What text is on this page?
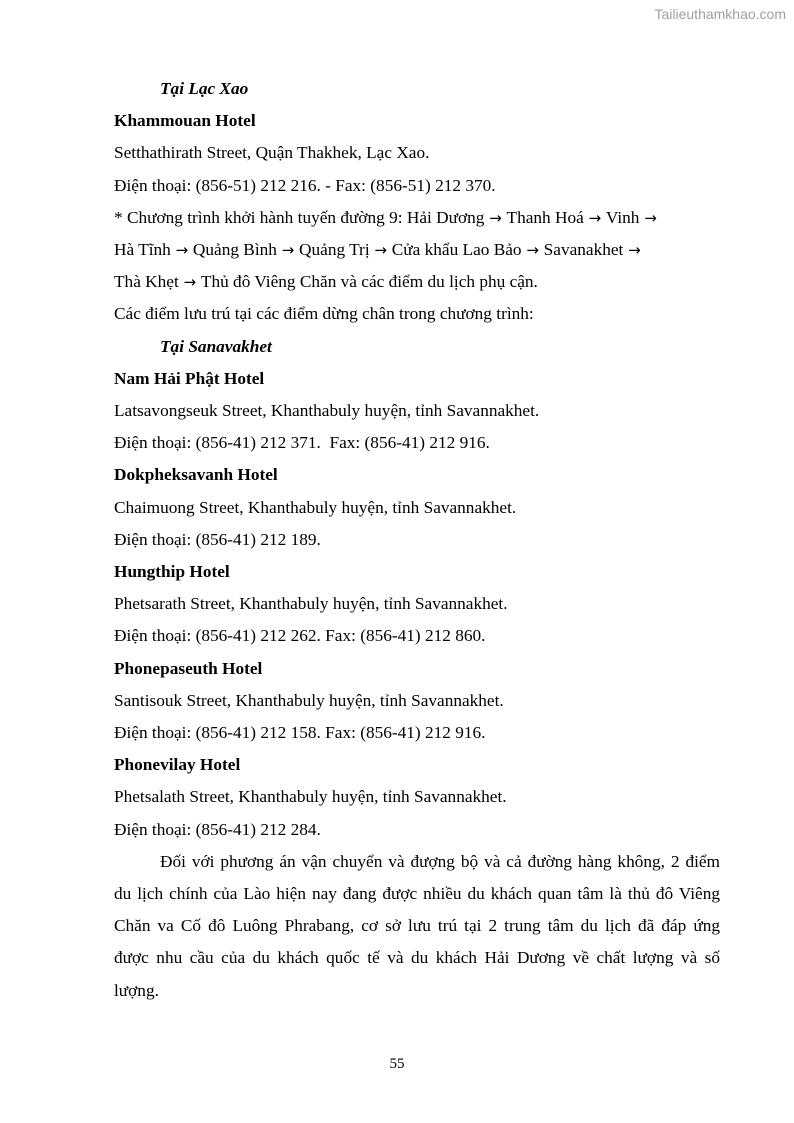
Tailieuthamkhao.com
Tại Lạc Xao
Khammouan Hotel
Setthathirath Street, Quận Thakhek, Lạc Xao.
Điện thoại: (856-51) 212 216. - Fax: (856-51) 212 370.
* Chương trình khởi hành tuyến đường 9: Hải Dương → Thanh Hoá → Vinh →
Hà Tĩnh → Quảng Bình → Quảng Trị → Cửa khẩu Lao Bảo → Savanakhet →
Thà Khẹt → Thủ đô Viêng Chăn và các điểm du lịch phụ cận.
Các điểm lưu trú tại các điểm dừng chân trong chương trình:
Tại Sanavakhet
Nam Hải Phật Hotel
Latsavongseuk Street, Khanthabuly huyện, tỉnh Savannakhet.
Điện thoại: (856-41) 212 371.  Fax: (856-41) 212 916.
Dokpheksavanh Hotel
Chaimuong Street, Khanthabuly huyện, tỉnh Savannakhet.
Điện thoại: (856-41) 212 189.
Hungthip Hotel
Phetsarath Street, Khanthabuly huyện, tỉnh Savannakhet.
Điện thoại: (856-41) 212 262. Fax: (856-41) 212 860.
Phonepaseuth Hotel
Santisouk Street, Khanthabuly huyện, tỉnh Savannakhet.
Điện thoại: (856-41) 212 158. Fax: (856-41) 212 916.
Phonevilay Hotel
Phetsalath Street, Khanthabuly huyện, tỉnh Savannakhet.
Điện thoại: (856-41) 212 284.
Đối với phương án vận chuyển và đượng bộ và cả đường hàng không, 2 điểm du lịch chính của Lào hiện nay đang được nhiều du khách quan tâm là thủ đô Viêng Chăn va Cố đô Luông Phrabang, cơ sở lưu trú tại 2 trung tâm du lịch đã đáp ứng được nhu cầu của du khách quốc tế và du khách Hải Dương về chất lượng và số lượng.
55
